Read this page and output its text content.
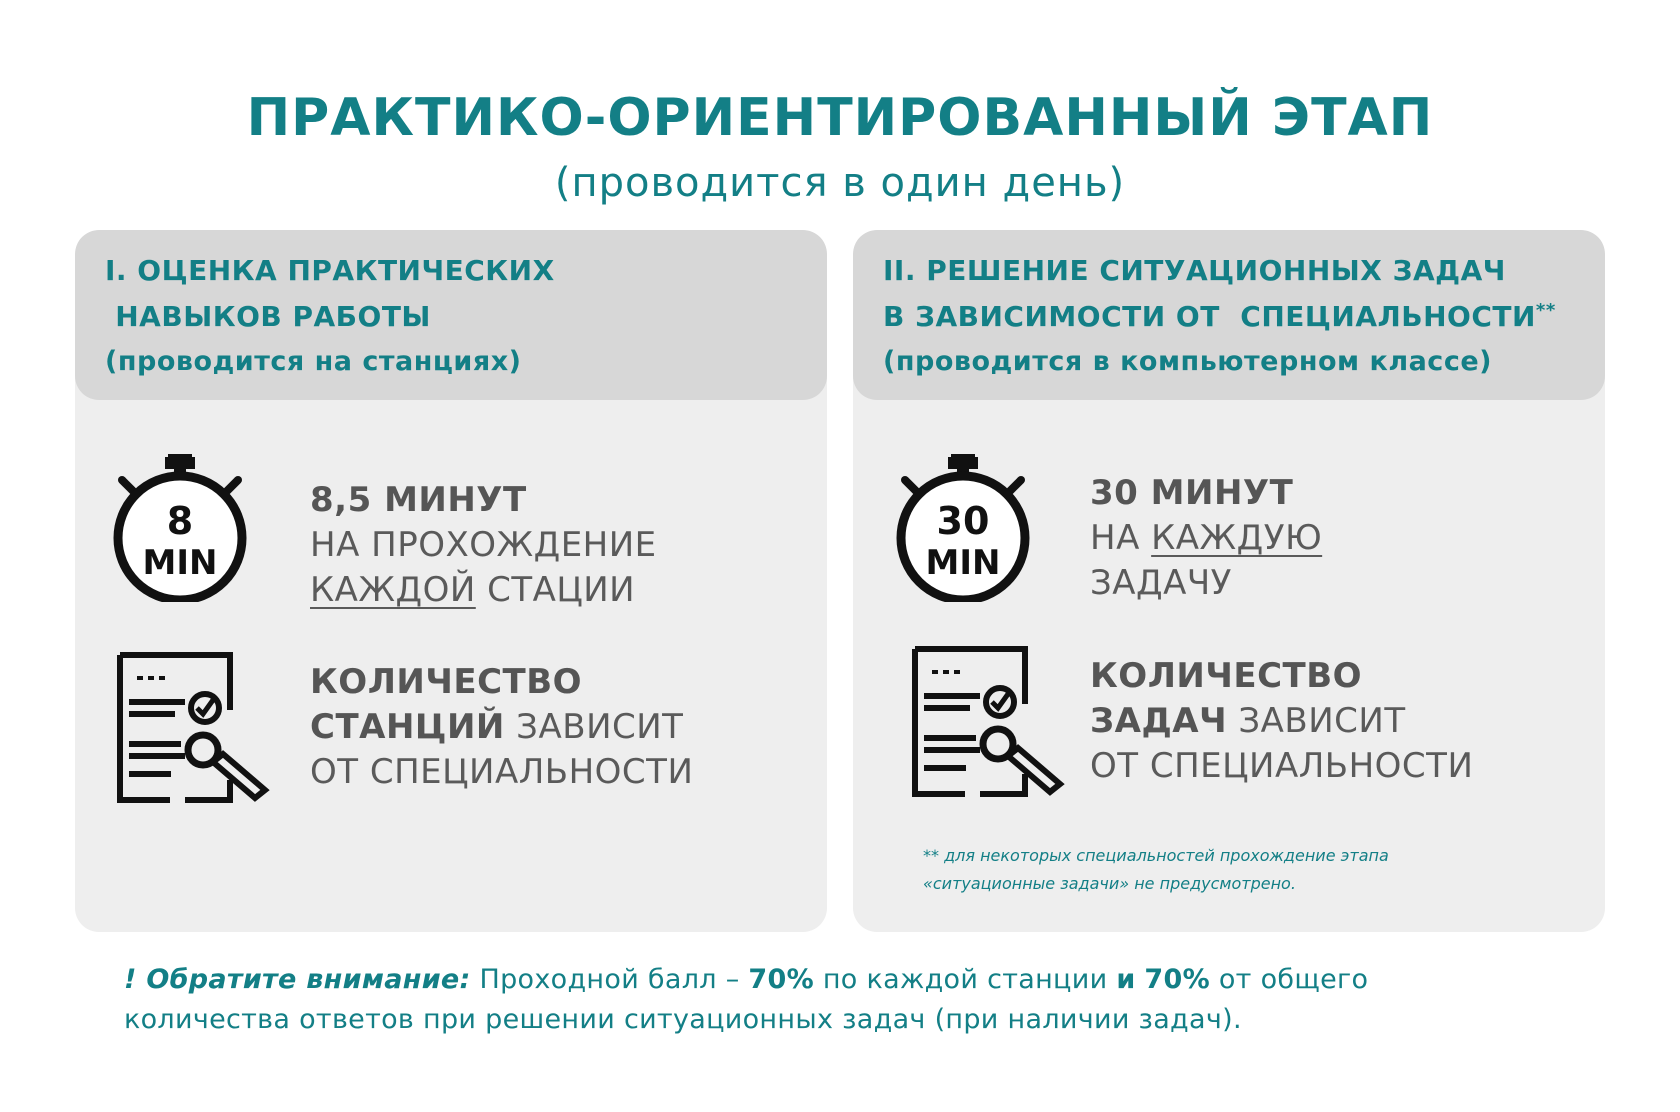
ПРАКТИКО-ОРИЕНТИРОВАННЫЙ ЭТАП
(проводится в один день)
I. ОЦЕНКА ПРАКТИЧЕСКИХ
НАВЫКОВ РАБОТЫ
(проводится на станциях)
8
MIN
8,5 МИНУТ
НА ПРОХОЖДЕНИЕ
КАЖДОЙ СТАЦИИ
КОЛИЧЕСТВО
СТАНЦИЙ ЗАВИСИТ
ОТ СПЕЦИАЛЬНОСТИ
II. РЕШЕНИЕ СИТУАЦИОННЫХ ЗАДАЧ
В ЗАВИСИМОСТИ ОТ  СПЕЦИАЛЬНОСТИ**
(проводится в компьютерном классе)
30
MIN
30 МИНУТ
НА КАЖДУЮ
ЗАДАЧУ
КОЛИЧЕСТВО
ЗАДАЧ ЗАВИСИТ
ОТ СПЕЦИАЛЬНОСТИ
** для некоторых специальностей прохождение этапа
«ситуационные задачи» не предусмотрено.
! Обратите внимание: Проходной балл – 70% по каждой станции и 70% от общего
количества ответов при решении ситуационных задач (при наличии задач).
